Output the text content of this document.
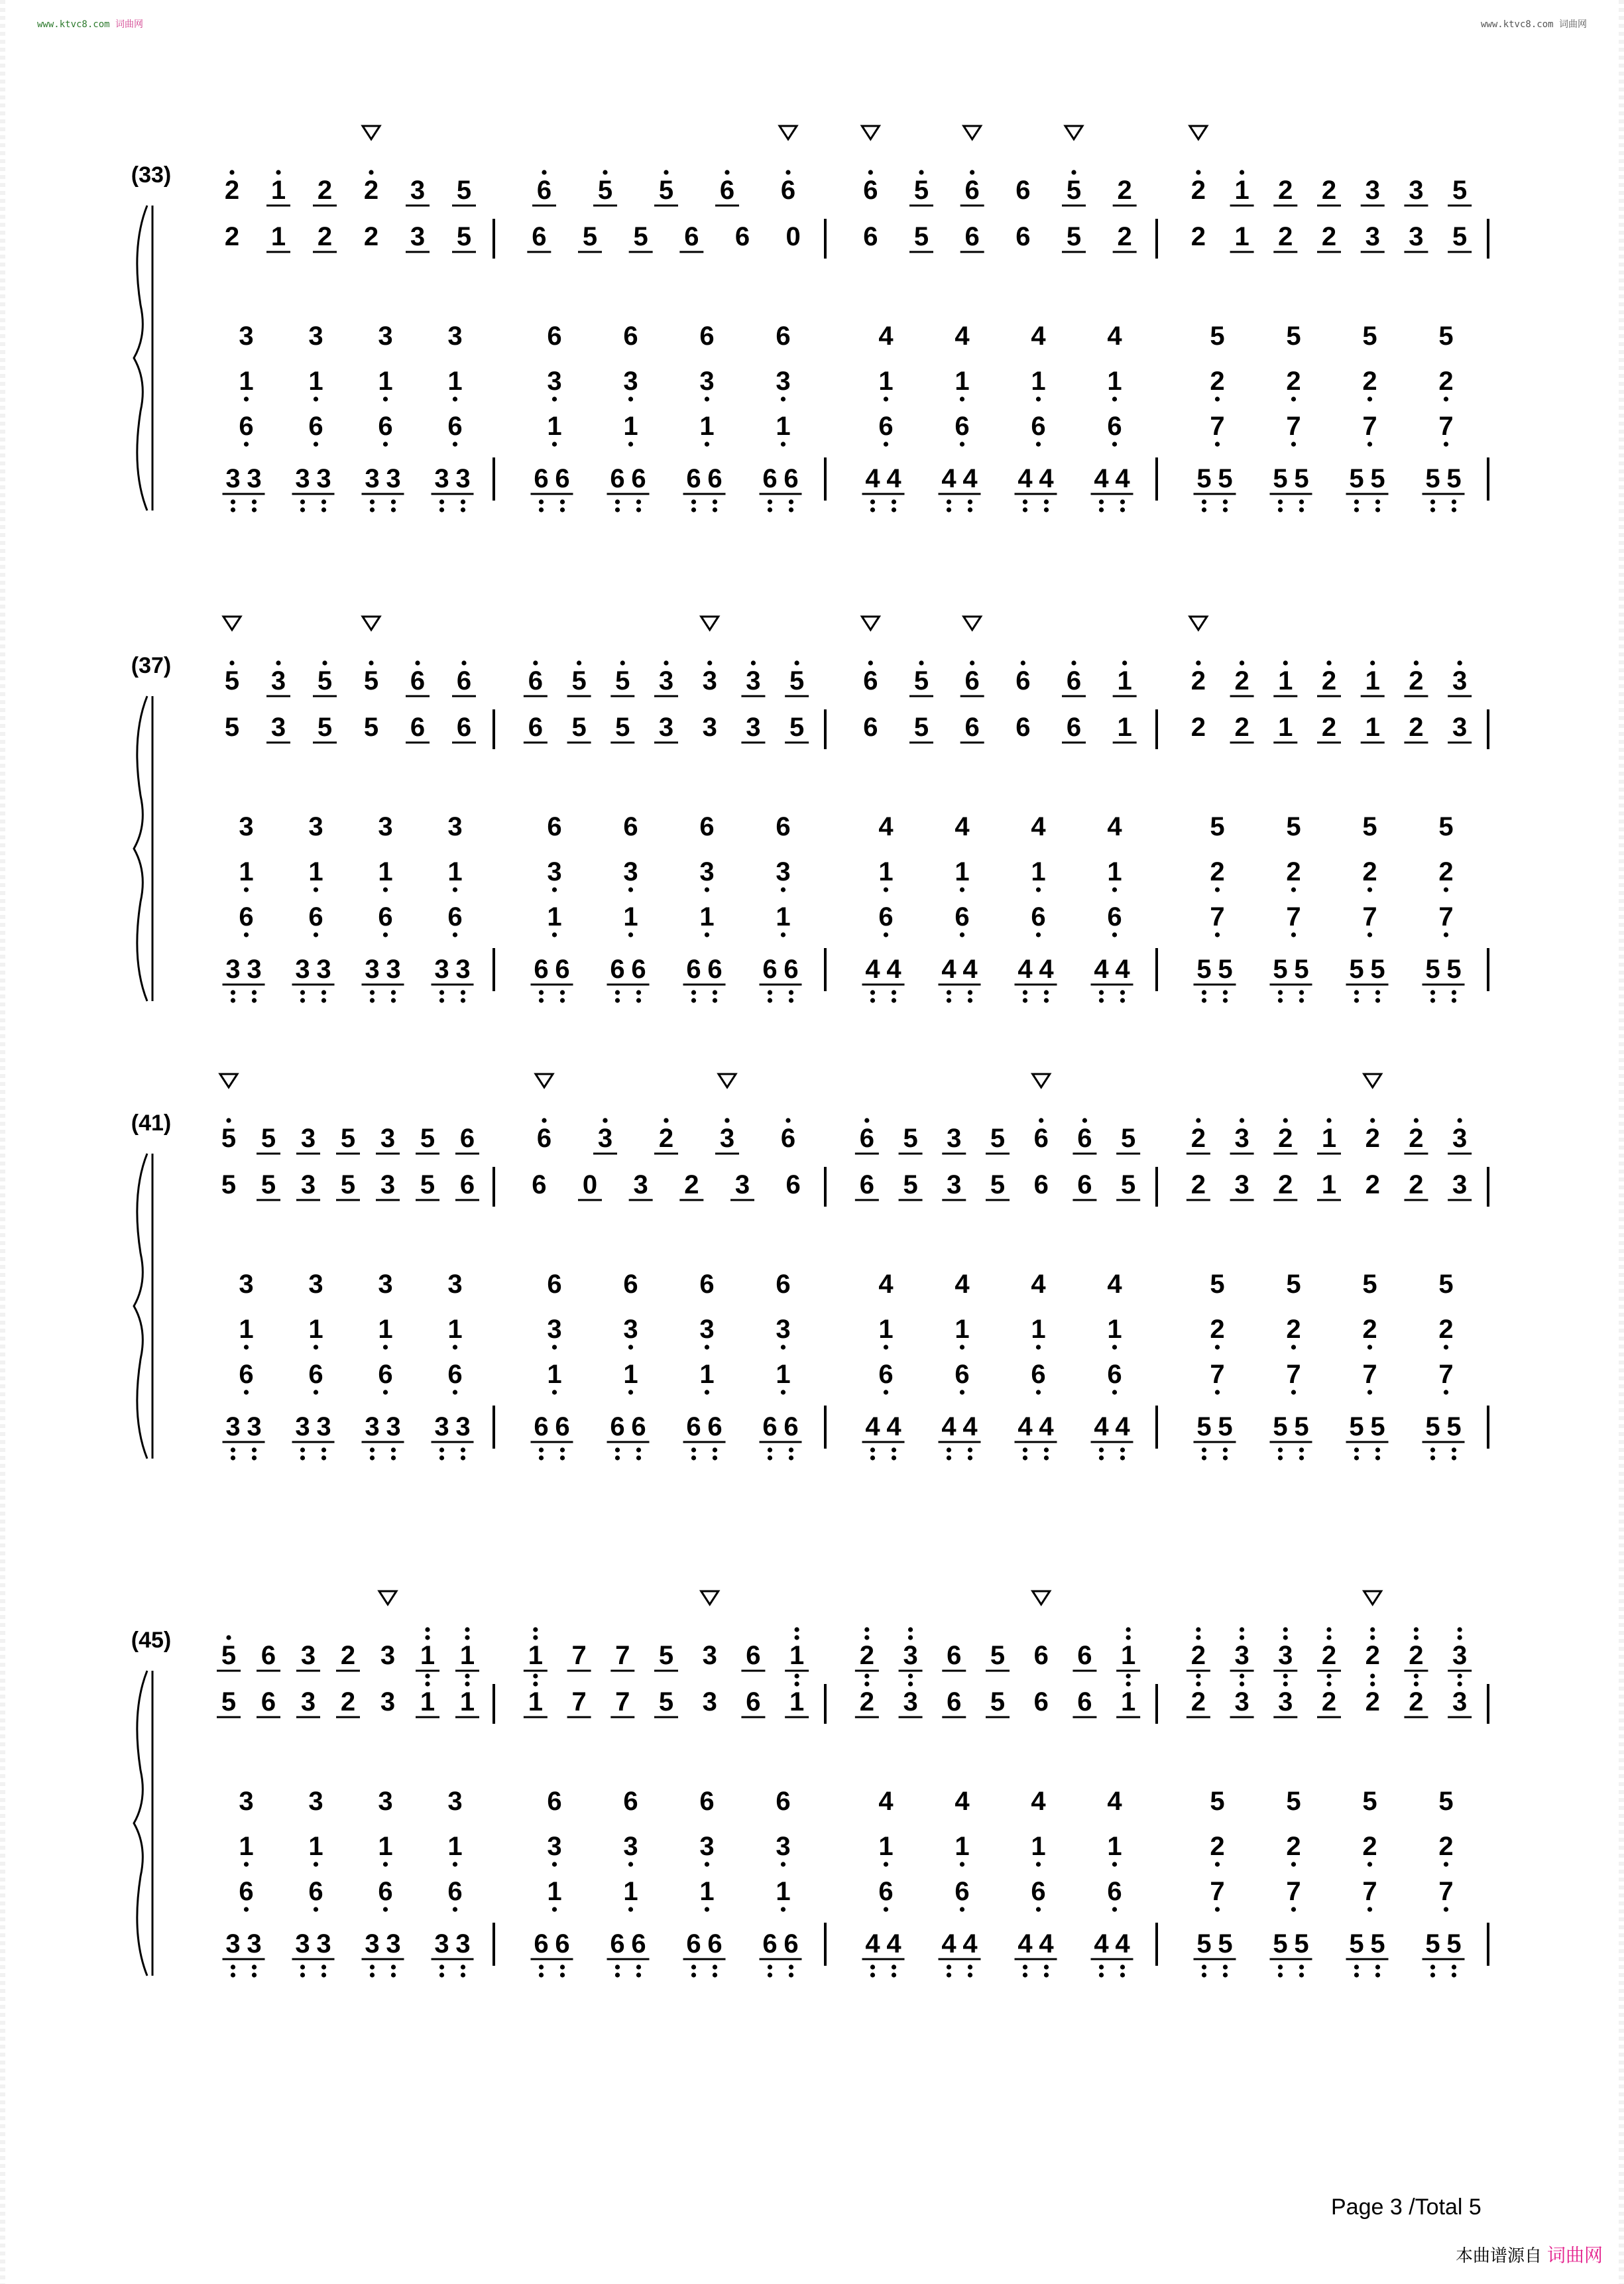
www.ktvc8.com 词曲网	www.ktvc8.com 词曲网
(33)
2 1 2 2 3 5
2 1 2 2 3 5
6 5 5 6 6
6 5 5 6 6 0
6 5 6 6 5 2
6 5 6 6 5 2
2 1 2 2 3 3 5
2 1 2 2 3 3 5
3
1
6
3 3
3
1
6
3 3
3
1
6
3 3
3
1
6
3 3
6
3
1
6 6
6
3
1
6 6
6
3
1
6 6
6
3
1
6 6
4
1
6
4 4
4
1
6
4 4
4
1
6
4 4
4
1
6
4 4
5
2
7
5 5
5
2
7
5 5
5
2
7
5 5
5
2
7
5 5
(37)
5 3 5 5 6 6
5 3 5 5 6 6
6 5 5 3 3 3 5
6 5 5 3 3 3 5
6 5 6 6 6 1
6 5 6 6 6 1
2 2 1 2 1 2 3
2 2 1 2 1 2 3
3
1
6
3 3
3
1
6
3 3
3
1
6
3 3
3
1
6
3 3
6
3
1
6 6
6
3
1
6 6
6
3
1
6 6
6
3
1
6 6
4
1
6
4 4
4
1
6
4 4
4
1
6
4 4
4
1
6
4 4
5
2
7
5 5
5
2
7
5 5
5
2
7
5 5
5
2
7
5 5
(41)
5 5 3 5 3 5 6
5 5 3 5 3 5 6
6 3 2 3 6
6 0 3 2 3 6
6 5 3 5 6 6 5
6 5 3 5 6 6 5
2 3 2 1 2 2 3
2 3 2 1 2 2 3
3
1
6
3 3
3
1
6
3 3
3
1
6
3 3
3
1
6
3 3
6
3
1
6 6
6
3
1
6 6
6
3
1
6 6
6
3
1
6 6
4
1
6
4 4
4
1
6
4 4
4
1
6
4 4
4
1
6
4 4
5
2
7
5 5
5
2
7
5 5
5
2
7
5 5
5
2
7
5 5
(45)
5 6 3 2 3 1 1
5 6 3 2 3 1 1
1 7 7 5 3 6 1
1 7 7 5 3 6 1
2 3 6 5 6 6 1
2 3 6 5 6 6 1
2 3 3 2 2 2 3
2 3 3 2 2 2 3
3
1
6
3 3
3
1
6
3 3
3
1
6
3 3
3
1
6
3 3
6
3
1
6 6
6
3
1
6 6
6
3
1
6 6
6
3
1
6 6
4
1
6
4 4
4
1
6
4 4
4
1
6
4 4
4
1
6
4 4
5
2
7
5 5
5
2
7
5 5
5
2
7
5 5
5
2
7
5 5
Page 3 /Total 5
本曲谱源自 词曲网
